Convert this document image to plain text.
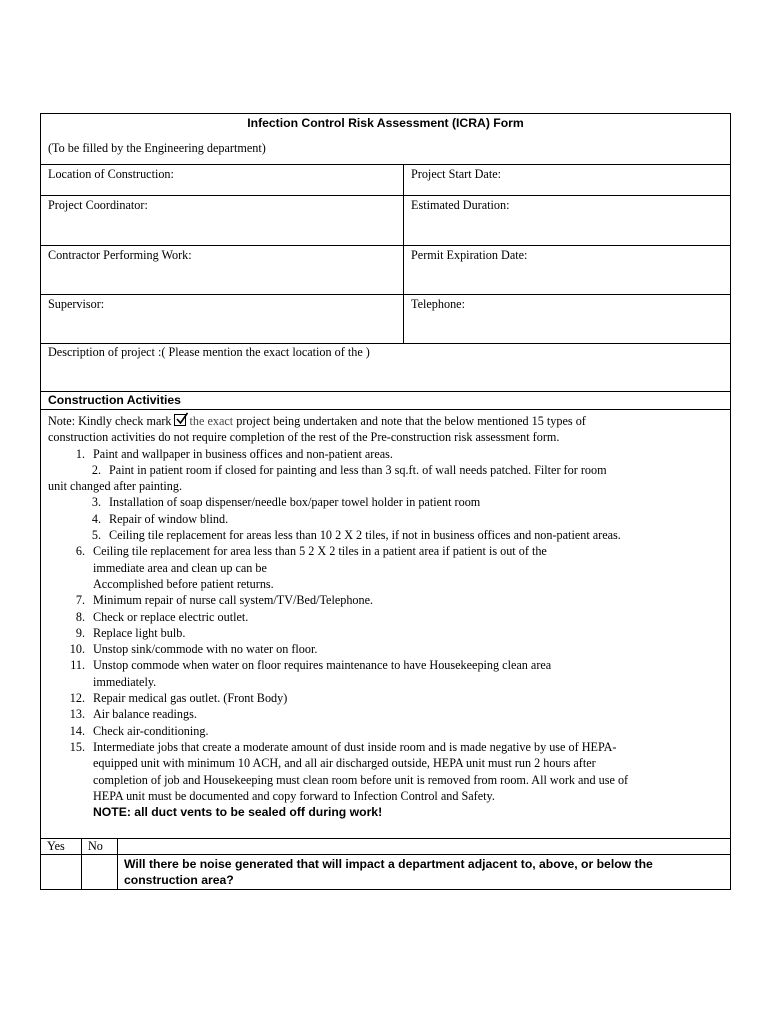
Infection Control Risk Assessment (ICRA) Form
(To be filled by the Engineering department)
Location of Construction:	Project Start Date:
Project Coordinator:	Estimated Duration:
Contractor Performing Work:	Permit Expiration Date:
Supervisor:	Telephone:
Description of project :( Please mention the exact location of the )
Construction Activities
Note: Kindly check mark the exact project being undertaken and note that the below mentioned 15 types of
construction activities do not require completion of the rest of the Pre-construction risk assessment form.
1. Paint and wallpaper in business offices and non-patient areas.
2. Paint in patient room if closed for painting and less than 3 sq.ft. of wall needs patched. Filter for room
unit changed after painting.
3. Installation of soap dispenser/needle box/paper towel holder in patient room
4. Repair of window blind.
5. Ceiling tile replacement for areas less than 10 2 X 2 tiles, if not in business offices and non-patient areas.
6. Ceiling tile replacement for area less than 5 2 X 2 tiles in a patient area if patient is out of the
immediate area and clean up can be
Accomplished before patient returns.
7. Minimum repair of nurse call system/TV/Bed/Telephone.
8. Check or replace electric outlet.
9. Replace light bulb.
10. Unstop sink/commode with no water on floor.
11. Unstop commode when water on floor requires maintenance to have Housekeeping clean area
immediately.
12. Repair medical gas outlet. (Front Body)
13. Air balance readings.
14. Check air-conditioning.
15. Intermediate jobs that create a moderate amount of dust inside room and is made negative by use of HEPA-
equipped unit with minimum 10 ACH, and all air discharged outside, HEPA unit must run 2 hours after
completion of job and Housekeeping must clean room before unit is removed from room. All work and use of
HEPA unit must be documented and copy forward to Infection Control and Safety.
NOTE: all duct vents to be sealed off during work!
Yes	No
Will there be noise generated that will impact a department adjacent to, above, or below the construction area?
